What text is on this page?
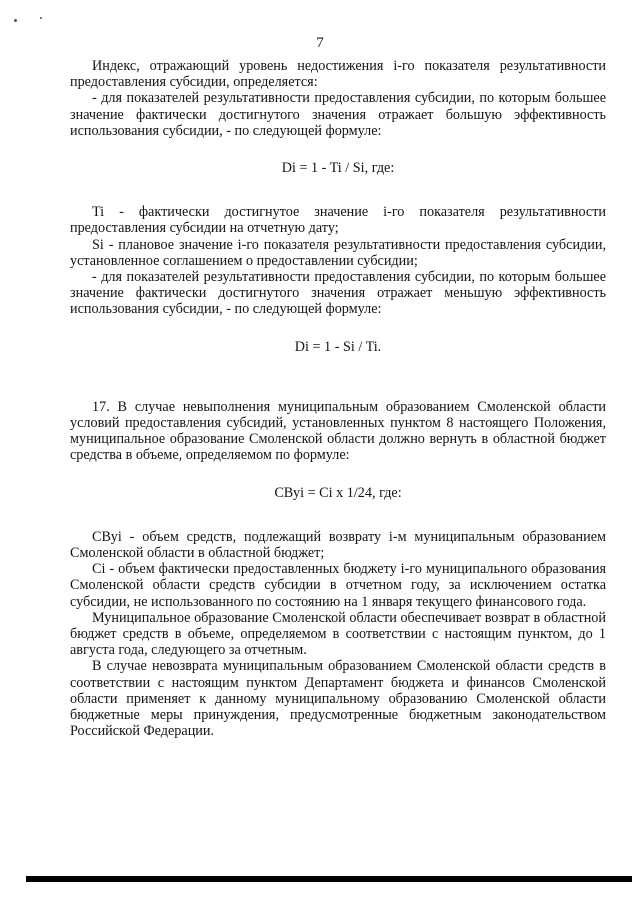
7

Индекс, отражающий уровень недостижения i-го показателя результативности предоставления субсидии, определяется:

- для показателей результативности предоставления субсидии, по которым большее значение фактически достигнутого значения отражает большую эффективность использования субсидии, - по следующей формуле:

Di = 1 - Ti / Si, где:

Ti - фактически достигнутое значение i-го показателя результативности предоставления субсидии на отчетную дату;

Si - плановое значение i-го показателя результативности предоставления субсидии, установленное соглашением о предоставлении субсидии;

- для показателей результативности предоставления субсидии, по которым большее значение фактически достигнутого значения отражает меньшую эффективность использования субсидии, - по следующей формуле:

Di = 1 - Si / Ti.

17. В случае невыполнения муниципальным образованием Смоленской области условий предоставления субсидий, установленных пунктом 8 настоящего Положения, муниципальное образование Смоленской области должно вернуть в областной бюджет средства в объеме, определяемом по формуле:

СВуi = Ci x 1/24, где:

СВуi - объем средств, подлежащий возврату i-м муниципальным образованием Смоленской области в областной бюджет;

Ci - объем фактически предоставленных бюджету i-го муниципального образования Смоленской области средств субсидии в отчетном году, за исключением остатка субсидии, не использованного по состоянию на 1 января текущего финансового года.

Муниципальное образование Смоленской области обеспечивает возврат в областной бюджет средств в объеме, определяемом в соответствии с настоящим пунктом, до 1 августа года, следующего за отчетным.

В случае невозврата муниципальным образованием Смоленской области средств в соответствии с настоящим пунктом Департамент бюджета и финансов Смоленской области применяет к данному муниципальному образованию Смоленской области бюджетные меры принуждения, предусмотренные бюджетным законодательством Российской Федерации.
